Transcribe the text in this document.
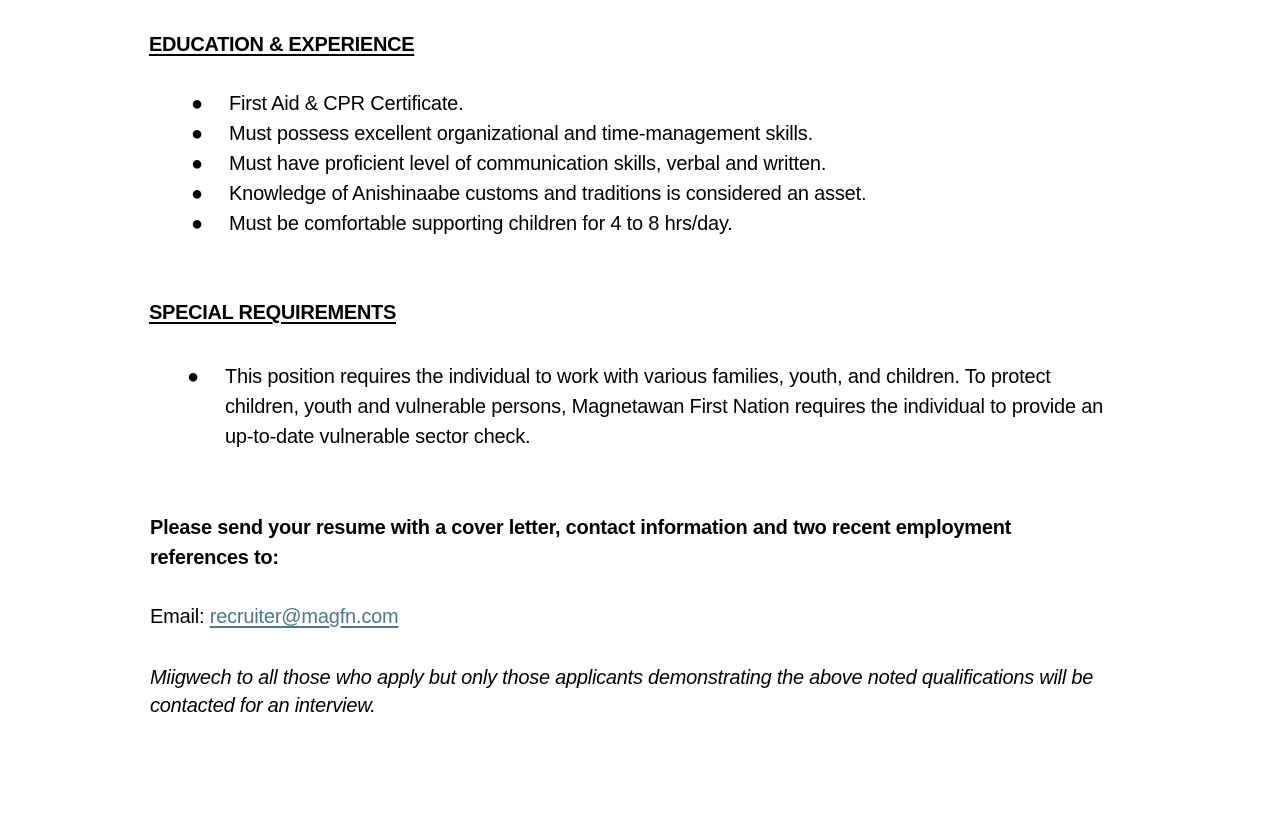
EDUCATION & EXPERIENCE
● First Aid & CPR Certificate.
● Must possess excellent organizational and time-management skills.
● Must have proficient level of communication skills, verbal and written.
● Knowledge of Anishinaabe customs and traditions is considered an asset.
● Must be comfortable supporting children for 4 to 8 hrs/day.
SPECIAL REQUIREMENTS
● This position requires the individual to work with various families, youth, and children. To protect children, youth and vulnerable persons, Magnetawan First Nation requires the individual to provide an up-to-date vulnerable sector check.
Please send your resume with a cover letter, contact information and two recent employment references to:
Email: recruiter@magfn.com
Miigwech to all those who apply but only those applicants demonstrating the above noted qualifications will be contacted for an interview.
